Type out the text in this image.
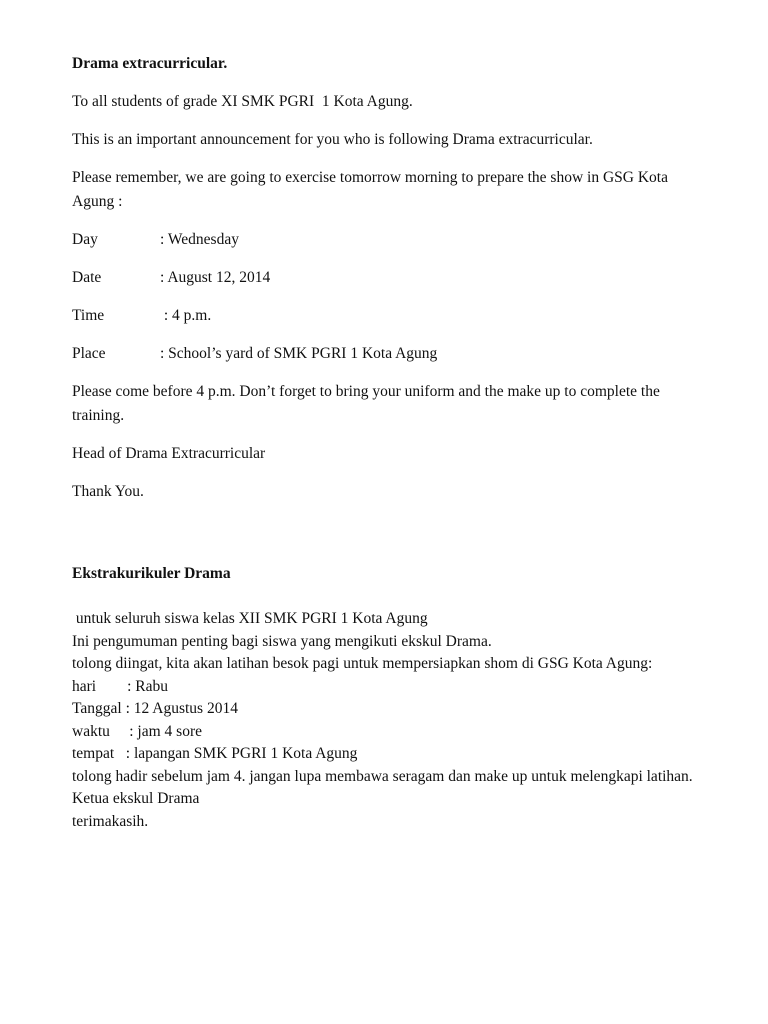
Drama extracurricular.

To all students of grade XI SMK PGRI  1 Kota Agung.

This is an important announcement for you who is following Drama extracurricular.

Please remember, we are going to exercise tomorrow morning to prepare the show in GSG Kota Agung :

Day	: Wednesday
Date	: August 12, 2014
Time	: 4 p.m.
Place	: School’s yard of SMK PGRI 1 Kota Agung

Please come before 4 p.m. Don’t forget to bring your uniform and the make up to complete the training.

Head of Drama Extracurricular

Thank You.

Ekstrakurikuler Drama
untuk seluruh siswa kelas XII SMK PGRI 1 Kota Agung
Ini pengumuman penting bagi siswa yang mengikuti ekskul Drama.
tolong diingat, kita akan latihan besok pagi untuk mempersiapkan shom di GSG Kota Agung:
hari        : Rabu
Tanggal : 12 Agustus 2014
waktu     : jam 4 sore
tempat   : lapangan SMK PGRI 1 Kota Agung
tolong hadir sebelum jam 4. jangan lupa membawa seragam dan make up untuk melengkapi latihan.
Ketua ekskul Drama
terimakasih.
